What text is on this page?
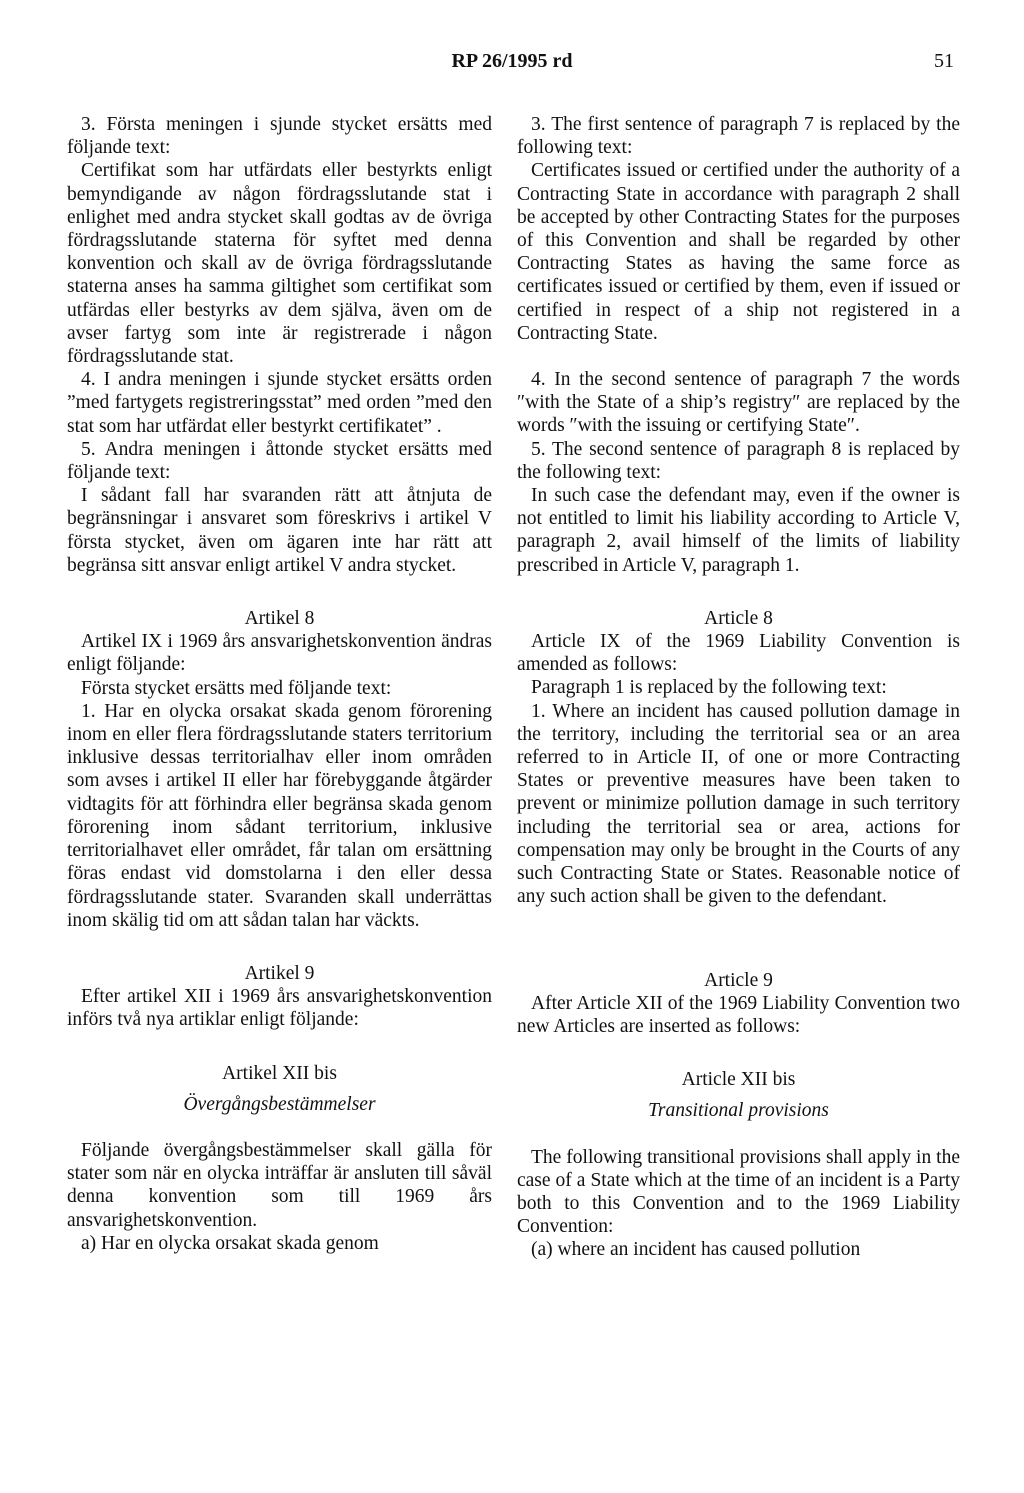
RP 26/1995 rd	51

3. Första meningen i sjunde stycket ersätts med följande text:

Certifikat som har utfärdats eller bestyrkts enligt bemyndigande av någon fördragsslutande stat i enlighet med andra stycket skall godtas av de övriga fördragsslutande staterna för syftet med denna konvention och skall av de övriga fördragsslutande staterna anses ha samma giltighet som certifikat som utfärdas eller bestyrks av dem själva, även om de avser fartyg som inte är registrerade i någon fördragsslutande stat.

4. I andra meningen i sjunde stycket ersätts orden ”med fartygets registreringsstat” med orden ”med den stat som har utfärdat eller bestyrkt certifikatet” .

5. Andra meningen i åttonde stycket ersätts med följande text:

I sådant fall har svaranden rätt att åtnjuta de begränsningar i ansvaret som föreskrivs i artikel V första stycket, även om ägaren inte har rätt att begränsa sitt ansvar enligt artikel V andra stycket.

Artikel 8

Artikel IX i 1969 års ansvarighetskonvention ändras enligt följande:

Första stycket ersätts med följande text:

1. Har en olycka orsakat skada genom förorening inom en eller flera fördragsslutande staters territorium inklusive dessas territorialhav eller inom områden som avses i artikel II eller har förebyggande åtgärder vidtagits för att förhindra eller begränsa skada genom förorening inom sådant territorium, inklusive territorialhavet eller området, får talan om ersättning föras endast vid domstolarna i den eller dessa fördragsslutande stater. Svaranden skall underrättas inom skälig tid om att sådan talan har väckts.

Artikel 9

Efter artikel XII i 1969 års ansvarighetskonvention införs två nya artiklar enligt följande:

Artikel XII bis

Övergångsbestämmelser

Följande övergångsbestämmelser skall gälla för stater som när en olycka inträffar är ansluten till såväl denna konvention som till 1969 års ansvarighetskonvention.

a) Har en olycka orsakat skada genom

3. The first sentence of paragraph 7 is replaced by the following text:

Certificates issued or certified under the authority of a Contracting State in accordance with paragraph 2 shall be accepted by other Contracting States for the purposes of this Convention and shall be regarded by other Contracting States as having the same force as certificates issued or certified by them, even if issued or certified in respect of a ship not registered in a Contracting State.

4. In the second sentence of paragraph 7 the words ″with the State of a ship’s registry″ are replaced by the words ″with the issuing or certifying State″.

5. The second sentence of paragraph 8 is replaced by the following text:

In such case the defendant may, even if the owner is not entitled to limit his liability according to Article V, paragraph 2, avail himself of the limits of liability prescribed in Article V, paragraph 1.

Article 8

Article IX of the 1969 Liability Convention is amended as follows:

Paragraph 1 is replaced by the following text:

1. Where an incident has caused pollution damage in the territory, including the territorial sea or an area referred to in Article II, of one or more Contracting States or preventive measures have been taken to prevent or minimize pollution damage in such territory including the territorial sea or area, actions for compensation may only be brought in the Courts of any such Contracting State or States. Reasonable notice of any such action shall be given to the defendant.

Article 9

After Article XII of the 1969 Liability Convention two new Articles are inserted as follows:

Article XII bis

Transitional provisions

The following transitional provisions shall apply in the case of a State which at the time of an incident is a Party both to this Convention and to the 1969 Liability Convention:

(a) where an incident has caused pollution
